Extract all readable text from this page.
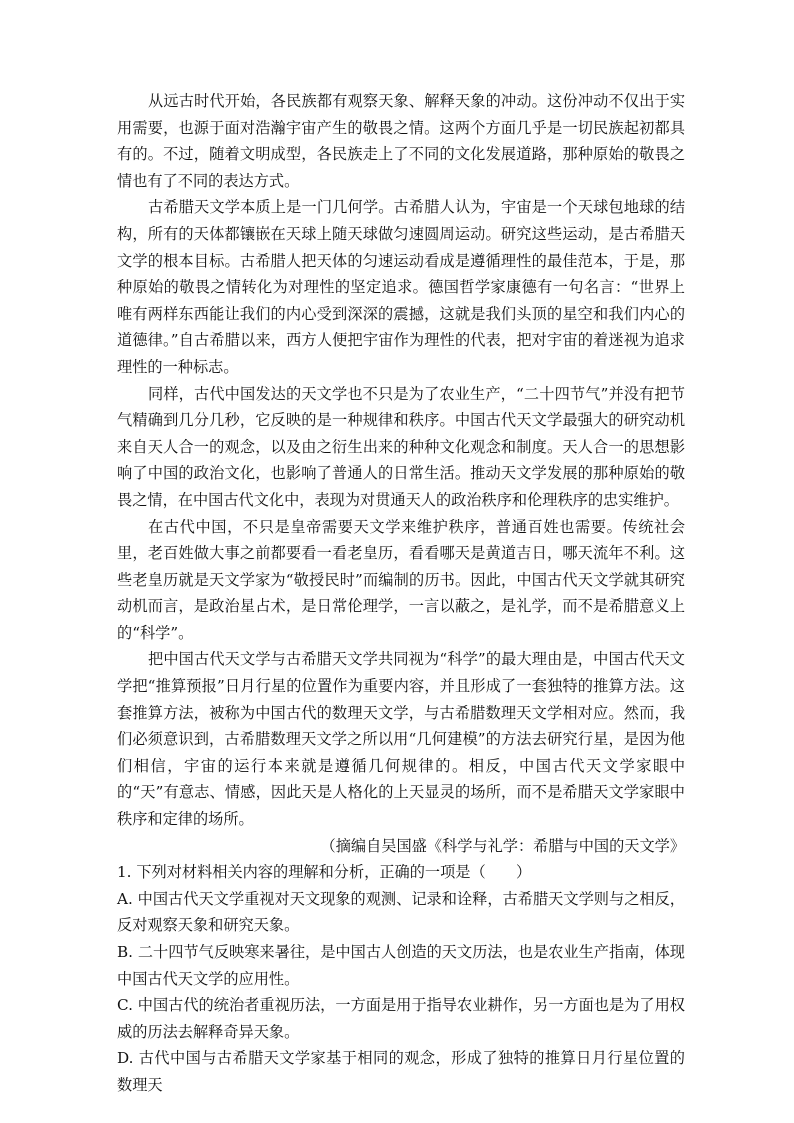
从远古时代开始，各民族都有观察天象、解释天象的冲动。这份冲动不仅出于实用需要，也源于面对浩瀚宇宙产生的敬畏之情。这两个方面几乎是一切民族起初都具有的。不过，随着文明成型，各民族走上了不同的文化发展道路，那种原始的敬畏之情也有了不同的表达方式。

古希腊天文学本质上是一门几何学。古希腊人认为，宇宙是一个天球包地球的结构，所有的天体都镶嵌在天球上随天球做匀速圆周运动。研究这些运动，是古希腊天文学的根本目标。古希腊人把天体的匀速运动看成是遵循理性的最佳范本，于是，那种原始的敬畏之情转化为对理性的坚定追求。德国哲学家康德有一句名言：“世界上唯有两样东西能让我们的内心受到深深的震撼，这就是我们头顶的星空和我们内心的道德律。”自古希腊以来，西方人便把宇宙作为理性的代表，把对宇宙的着迷视为追求理性的一种标志。

同样，古代中国发达的天文学也不只是为了农业生产，“二十四节气”并没有把节气精确到几分几秒，它反映的是一种规律和秩序。中国古代天文学最强大的研究动机来自天人合一的观念，以及由之衍生出来的种种文化观念和制度。天人合一的思想影响了中国的政治文化，也影响了普通人的日常生活。推动天文学发展的那种原始的敬畏之情，在中国古代文化中，表现为对贯通天人的政治秩序和伦理秩序的忠实维护。

在古代中国，不只是皇帝需要天文学来维护秩序，普通百姓也需要。传统社会里，老百姓做大事之前都要看一看老皇历，看看哪天是黄道吉日，哪天流年不利。这些老皇历就是天文学家为“敬授民时”而编制的历书。因此，中国古代天文学就其研究动机而言，是政治星占术，是日常伦理学，一言以蔽之，是礼学，而不是希腊意义上的“科学”。

把中国古代天文学与古希腊天文学共同视为“科学”的最大理由是，中国古代天文学把“推算预报”日月行星的位置作为重要内容，并且形成了一套独特的推算方法。这套推算方法，被称为中国古代的数理天文学，与古希腊数理天文学相对应。然而，我们必须意识到，古希腊数理天文学之所以用“几何建模”的方法去研究行星，是因为他们相信，宇宙的运行本来就是遵循几何规律的。相反，中国古代天文学家眼中的“天”有意志、情感，因此天是人格化的上天显灵的场所，而不是希腊天文学家眼中秩序和定律的场所。

（摘编自吴国盛《科学与礼学：希腊与中国的天文学》

1. 下列对材料相关内容的理解和分析，正确的一项是（　　）

A. 中国古代天文学重视对天文现象的观测、记录和诠释，古希腊天文学则与之相反，反对观察天象和研究天象。

B. 二十四节气反映寒来暑往，是中国古人创造的天文历法，也是农业生产指南，体现中国古代天文学的应用性。

C. 中国古代的统治者重视历法，一方面是用于指导农业耕作，另一方面也是为了用权威的历法去解释奇异天象。

D. 古代中国与古希腊天文学家基于相同的观念，形成了独特的推算日月行星位置的数理天
